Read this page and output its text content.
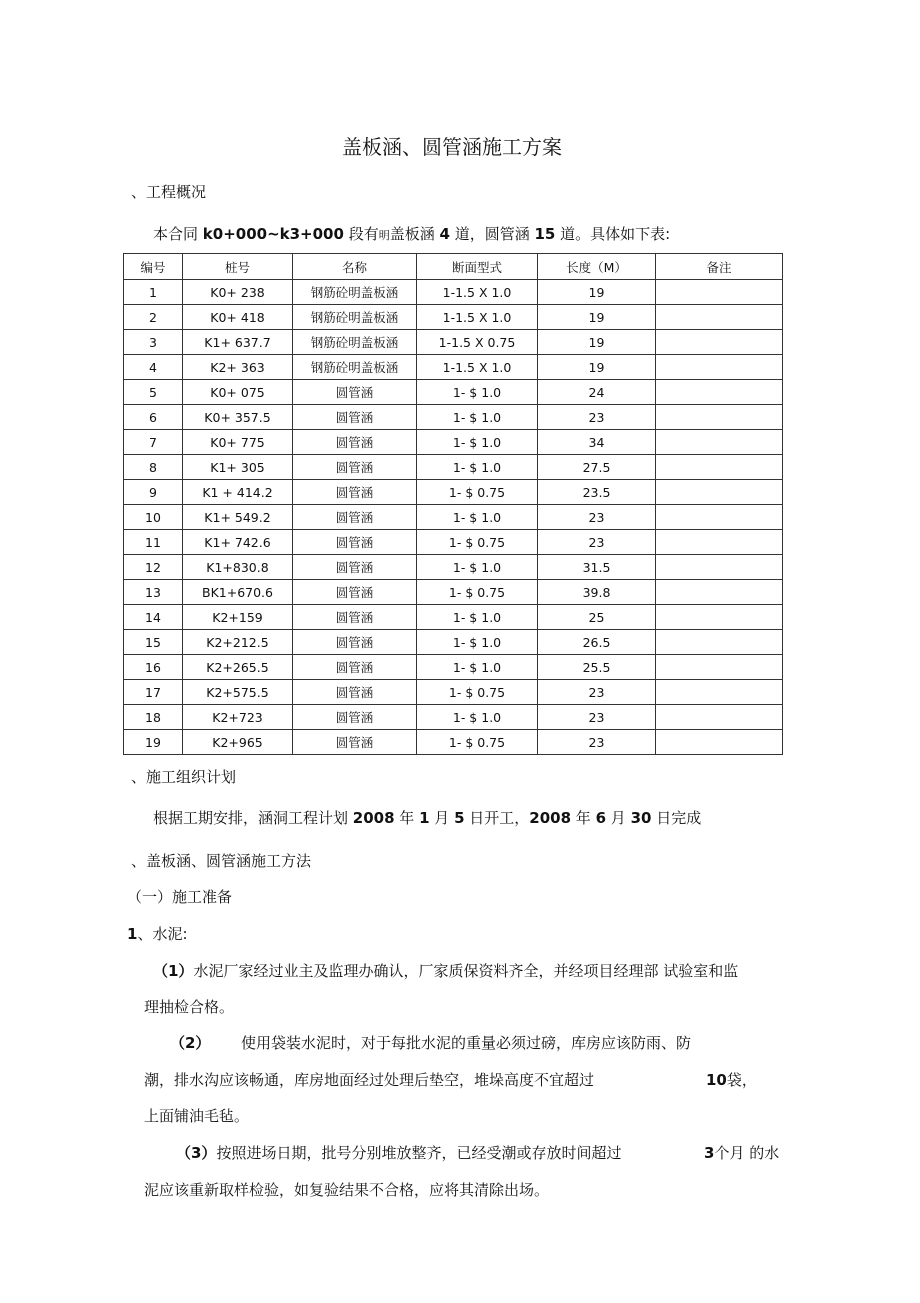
盖板涵、圆管涵施工方案
、工程概况
本合同 k0+000~k3+000 段有明盖板涵 4 道，圆管涵 15 道。具体如下表:
编号	桩号	名称	断面型式	长度（M）	备注
1	K0+ 238	钢筋砼明盖板涵	1-1.5 X 1.0	19	
2	K0+ 418	钢筋砼明盖板涵	1-1.5 X 1.0	19	
3	K1+ 637.7	钢筋砼明盖板涵	1-1.5 X 0.75	19	
4	K2+ 363	钢筋砼明盖板涵	1-1.5 X 1.0	19	
5	K0+ 075	圆管涵	1- $ 1.0	24	
6	K0+ 357.5	圆管涵	1- $ 1.0	23	
7	K0+ 775	圆管涵	1- $ 1.0	34	
8	K1+ 305	圆管涵	1- $ 1.0	27.5	
9	K1 + 414.2	圆管涵	1- $ 0.75	23.5	
10	K1+ 549.2	圆管涵	1- $ 1.0	23	
11	K1+ 742.6	圆管涵	1- $ 0.75	23	
12	K1+830.8	圆管涵	1- $ 1.0	31.5	
13	BK1+670.6	圆管涵	1- $ 0.75	39.8	
14	K2+159	圆管涵	1- $ 1.0	25	
15	K2+212.5	圆管涵	1- $ 1.0	26.5	
16	K2+265.5	圆管涵	1- $ 1.0	25.5	
17	K2+575.5	圆管涵	1- $ 0.75	23	
18	K2+723	圆管涵	1- $ 1.0	23	
19	K2+965	圆管涵	1- $ 0.75	23	
、施工组织计划
根据工期安排，涵洞工程计划 2008 年 1 月 5 日开工，2008 年 6 月 30 日完成
、盖板涵、圆管涵施工方法
（一）施工准备
1、水泥:
（1）水泥厂家经过业主及监理办确认，厂家质保资料齐全，并经项目经理部 试验室和监
理抽检合格。
（2） 使用袋装水泥时，对于每批水泥的重量必须过磅，库房应该防雨、防
潮，排水沟应该畅通，库房地面经过处理后垫空，堆垛高度不宜超过	10袋，
上面铺油毛毡。
（3）按照进场日期，批号分别堆放整齐，已经受潮或存放时间超过	3个月 的水
泥应该重新取样检验，如复验结果不合格，应将其清除出场。
